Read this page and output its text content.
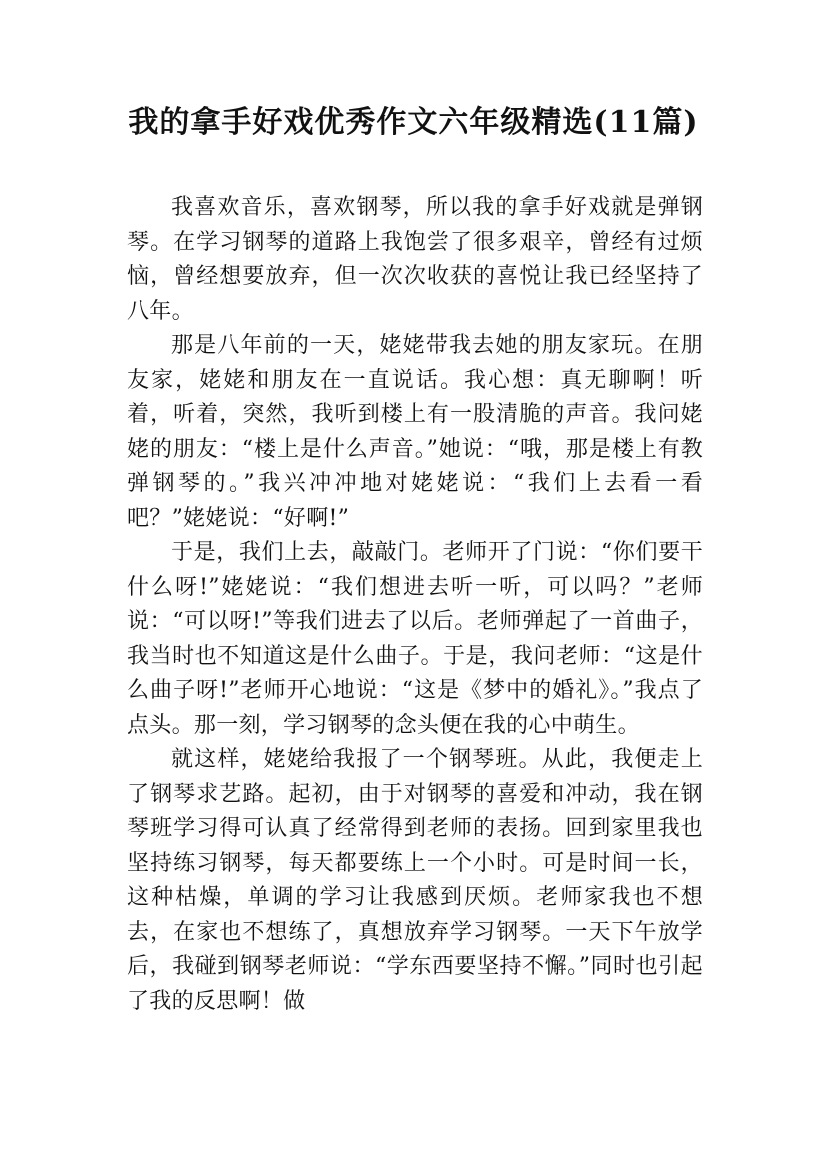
我的拿手好戏优秀作文六年级精选(11篇)

我喜欢音乐，喜欢钢琴，所以我的拿手好戏就是弹钢琴。在学习钢琴的道路上我饱尝了很多艰辛，曾经有过烦恼，曾经想要放弃，但一次次收获的喜悦让我已经坚持了八年。

那是八年前的一天，姥姥带我去她的朋友家玩。在朋友家，姥姥和朋友在一直说话。我心想：真无聊啊！听着，听着，突然，我听到楼上有一股清脆的声音。我问姥姥的朋友：“楼上是什么声音。”她说：“哦，那是楼上有教弹钢琴的。”我兴冲冲地对姥姥说：“我们上去看一看吧？”姥姥说：“好啊!”

于是，我们上去，敲敲门。老师开了门说：“你们要干什么呀!”姥姥说：“我们想进去听一听，可以吗？”老师说：“可以呀!”等我们进去了以后。老师弹起了一首曲子，我当时也不知道这是什么曲子。于是，我问老师：“这是什么曲子呀!”老师开心地说：“这是《梦中的婚礼》。”我点了点头。那一刻，学习钢琴的念头便在我的心中萌生。

就这样，姥姥给我报了一个钢琴班。从此，我便走上了钢琴求艺路。起初，由于对钢琴的喜爱和冲动，我在钢琴班学习得可认真了经常得到老师的表扬。回到家里我也坚持练习钢琴，每天都要练上一个小时。可是时间一长，这种枯燥，单调的学习让我感到厌烦。老师家我也不想去，在家也不想练了，真想放弃学习钢琴。一天下午放学后，我碰到钢琴老师说：“学东西要坚持不懈。”同时也引起了我的反思啊！做
